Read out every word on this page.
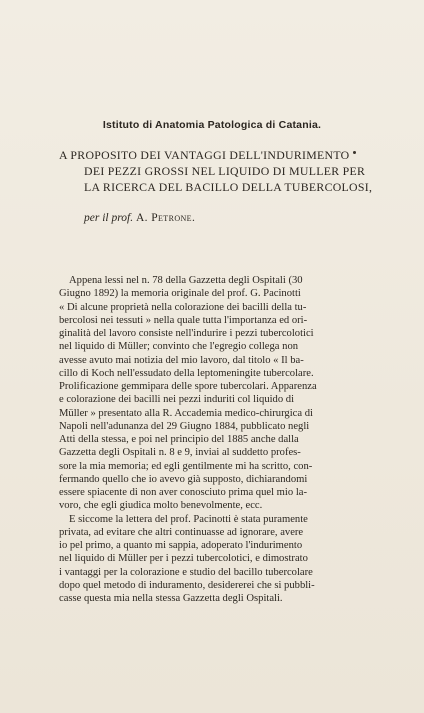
Istituto di Anatomia Patologica di Catania.
A PROPOSITO DEI VANTAGGI DELL'INDURIMENTO
DEI PEZZI GROSSI NEL LIQUIDO DI MULLER PER
LA RICERCA DEL BACILLO DELLA TUBERCOLOSI,
per il prof. A. Petrone.

Appena lessi nel n. 78 della Gazzetta degli Ospitali (30
Giugno 1892) la memoria originale del prof. G. Pacinotti
« Di alcune proprietà nella colorazione dei bacilli della tu-
bercolosi nei tessuti » nella quale tutta l'importanza ed ori-
ginalità del lavoro consiste nell'indurire i pezzi tubercolotici
nel liquido di Müller; convinto che l'egregio collega non
avesse avuto mai notizia del mio lavoro, dal titolo « Il ba-
cillo di Koch nell'essudato della leptomeningite tubercolare.
Prolificazione gemmipara delle spore tubercolari. Apparenza
e colorazione dei bacilli nei pezzi induriti col liquido di
Müller » presentato alla R. Accademia medico-chirurgica di
Napoli nell'adunanza del 29 Giugno 1884, pubblicato negli
Atti della stessa, e poi nel principio del 1885 anche dalla
Gazzetta degli Ospitali n. 8 e 9, inviai al suddetto profes-
sore la mia memoria; ed egli gentilmente mi ha scritto, con-
fermando quello che io avevo già supposto, dichiarandomi
essere spiacente di non aver conosciuto prima quel mio la-
voro, che egli giudica molto benevolmente, ecc.

E siccome la lettera del prof. Pacinotti è stata puramente
privata, ad evitare che altri continuasse ad ignorare, avere
io pel primo, a quanto mi sappia, adoperato l'indurimento
nel liquido di Müller per i pezzi tubercolotici, e dimostrato
i vantaggi per la colorazione e studio del bacillo tubercolare
dopo quel metodo di induramento, desidererei che si pubbli-
casse questa mia nella stessa Gazzetta degli Ospitali.
